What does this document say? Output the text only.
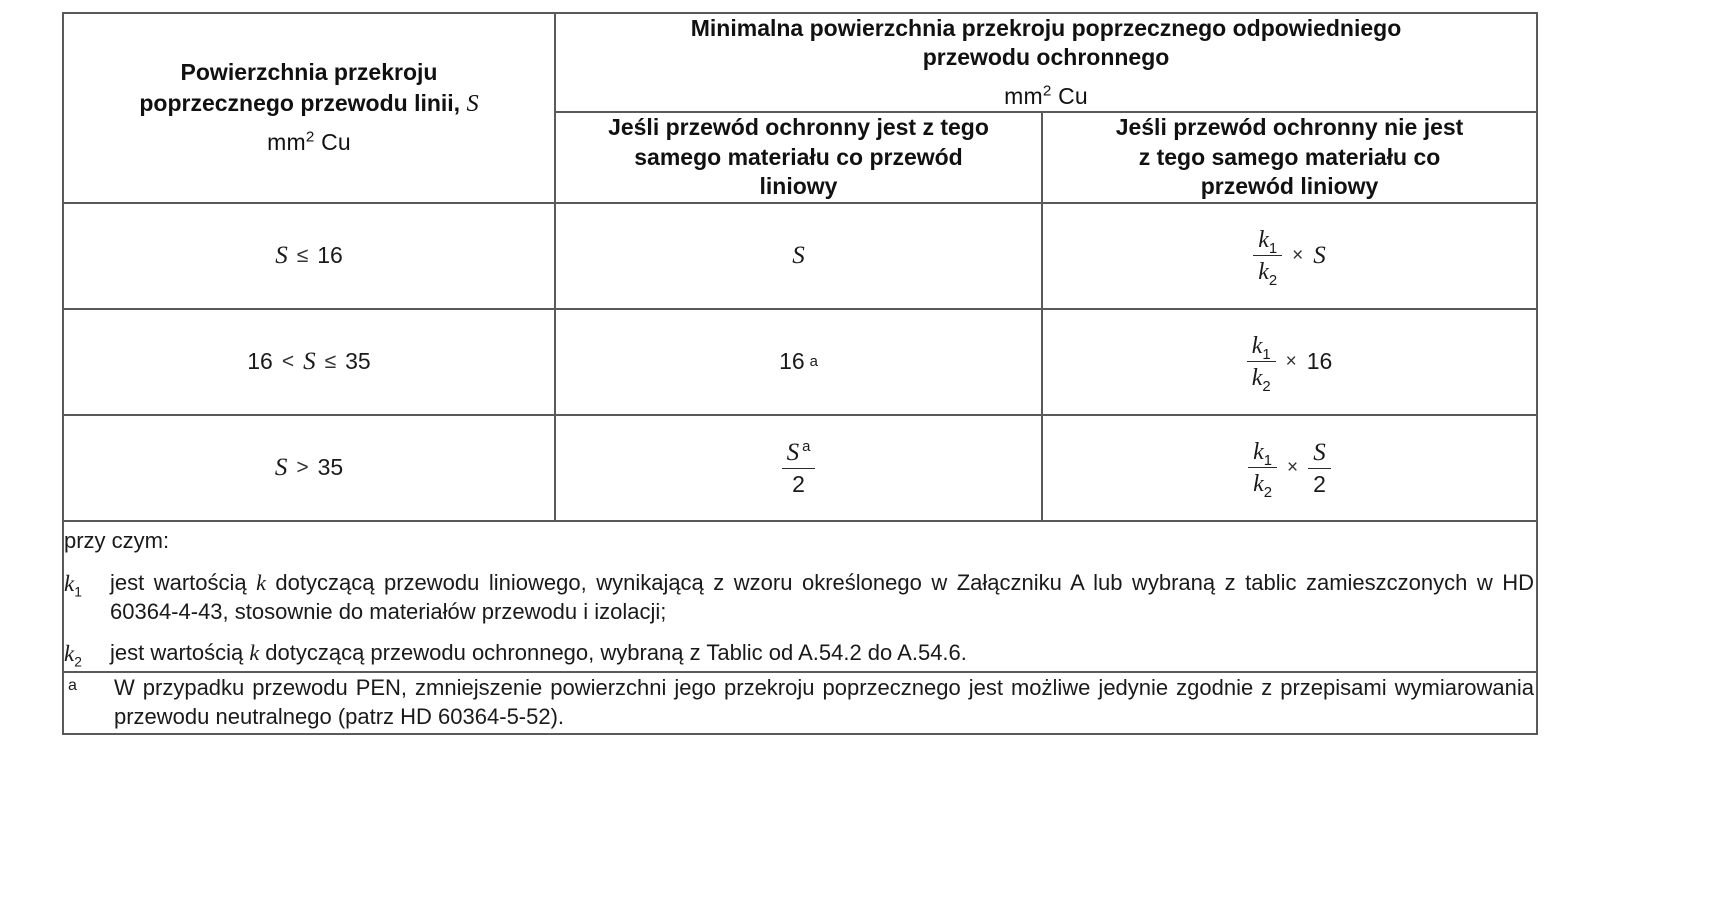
Powierzchnia przekroju
poprzecznego przewodu linii, S
$mm^2$ Cu	Minimalna powierzchnia przekroju poprzecznego odpowiedniego
przewodu ochronnego
$mm^2$ Cu	

	Jeśli przewód ochronny jest z tego
samego materiału co przewód
liniowy	Jeśli przewód ochronny nie jest
z tego samego materiału co
przewód liniowy

S ≤ 16	S	$\frac{k_1}{k_2} \times S$

16 < S ≤ 35	16 a	$\frac{k_1}{k_2} \times 16$

S > 35	$\frac{S ^a}{2}$	$\frac{k_1}{k_2} \times \frac{S}{2}$

przy czym:
$k_1$ jest wartością k dotyczącą przewodu liniowego, wynikającą z wzoru określonego w Załączniku A lub wybraną z tablic zamieszczonych w HD 60364-4-43, stosownie do materiałów przewodu i izolacji;
$k_2$ jest wartością k dotyczącą przewodu ochronnego, wybraną z Tablic od A.54.2 do A.54.6.		

a W przypadku przewodu PEN, zmniejszenie powierzchni jego przekroju poprzecznego jest możliwe jedynie zgodnie z przepisami wymiarowania przewodu neutralnego (patrz HD 60364-5-52).		
